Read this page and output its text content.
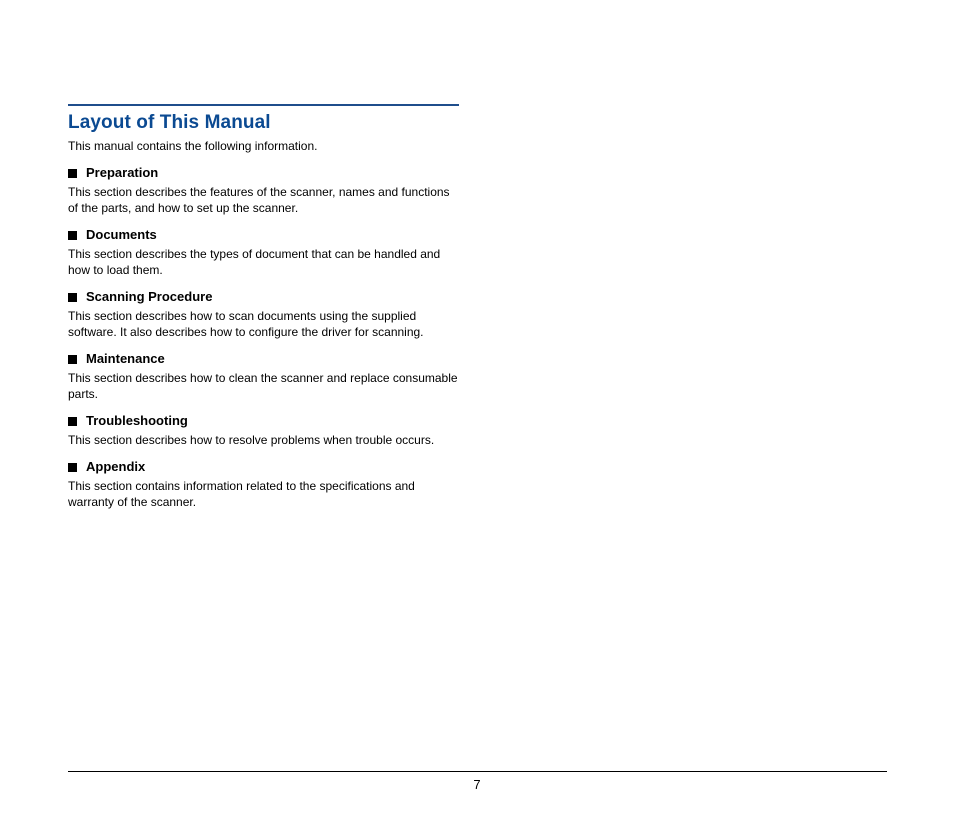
Layout of This Manual

This manual contains the following information.

Preparation

This section describes the features of the scanner, names and functions of the parts, and how to set up the scanner.

Documents

This section describes the types of document that can be handled and how to load them.

Scanning Procedure

This section describes how to scan documents using the supplied software. It also describes how to configure the driver for scanning.

Maintenance

This section describes how to clean the scanner and replace consumable parts.

Troubleshooting

This section describes how to resolve problems when trouble occurs.

Appendix

This section contains information related to the specifications and warranty of the scanner.

7
